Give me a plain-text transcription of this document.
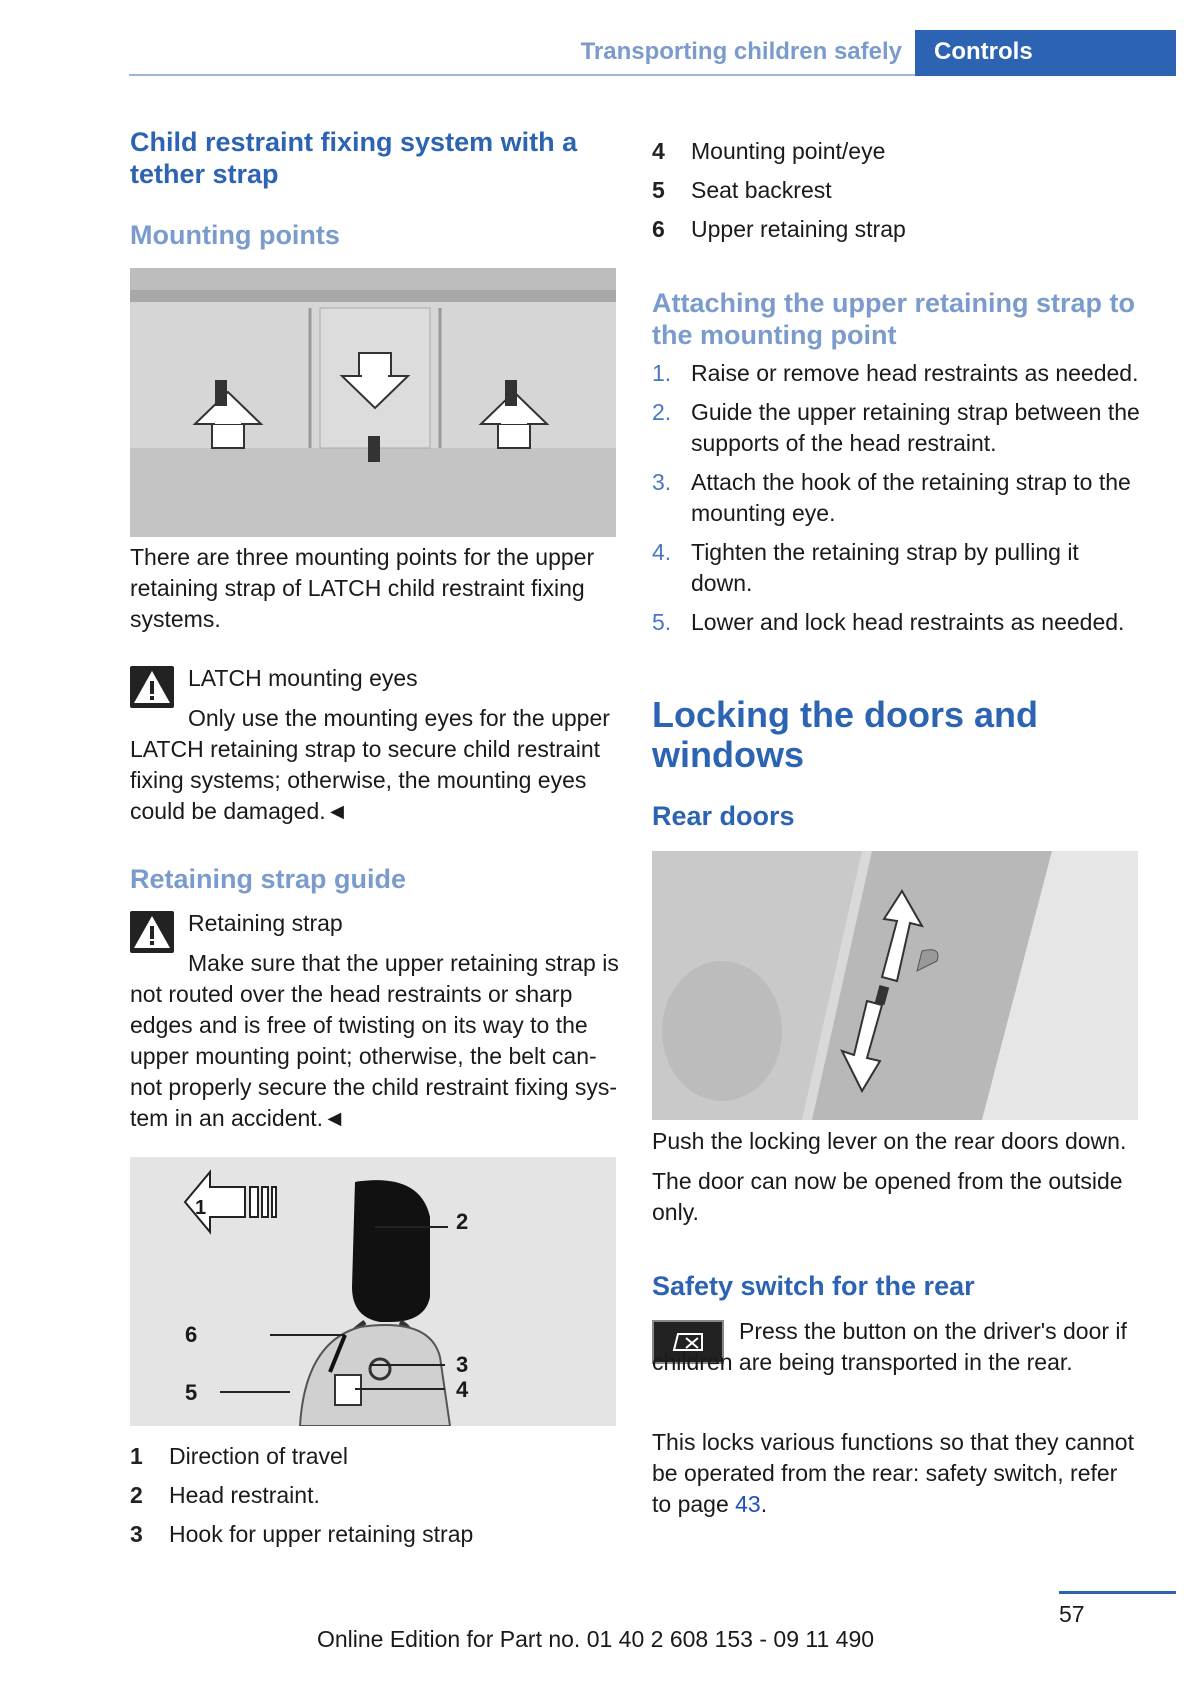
Transporting children safely	Controls
Child restraint fixing system with a tether strap
Mounting points

There are three mounting points for the upper retaining strap of LATCH child restraint fixing systems.

LATCH mounting eyes

Only use the mounting eyes for the upper LATCH retaining strap to secure child restraint fixing systems; otherwise, the mounting eyes could be damaged.◄

Retaining strap guide

Retaining strap

Make sure that the upper retaining strap is not routed over the head restraints or sharp edges and is free of twisting on its way to the upper mounting point; otherwise, the belt can-not properly secure the child restraint fixing sys-tem in an accident.◄

2
1
6
3
4
5
1 Direction of travel
2 Head restraint.
3 Hook for upper retaining strap
4 Mounting point/eye
5 Seat backrest
6 Upper retaining strap
Attaching the upper retaining strap to the mounting point
1. Raise or remove head restraints as needed.
2. Guide the upper retaining strap between the supports of the head restraint.
3. Attach the hook of the retaining strap to the mounting eye.
4. Tighten the retaining strap by pulling it down.
5. Lower and lock head restraints as needed.
Locking the doors and windows
Rear doors

Push the locking lever on the rear doors down.

The door can now be opened from the outside only.

Safety switch for the rear

Press the button on the driver's door if children are being transported in the rear.

This locks various functions so that they cannot be operated from the rear: safety switch, refer to page 43.

57
Online Edition for Part no. 01 40 2 608 153 - 09 11 490
